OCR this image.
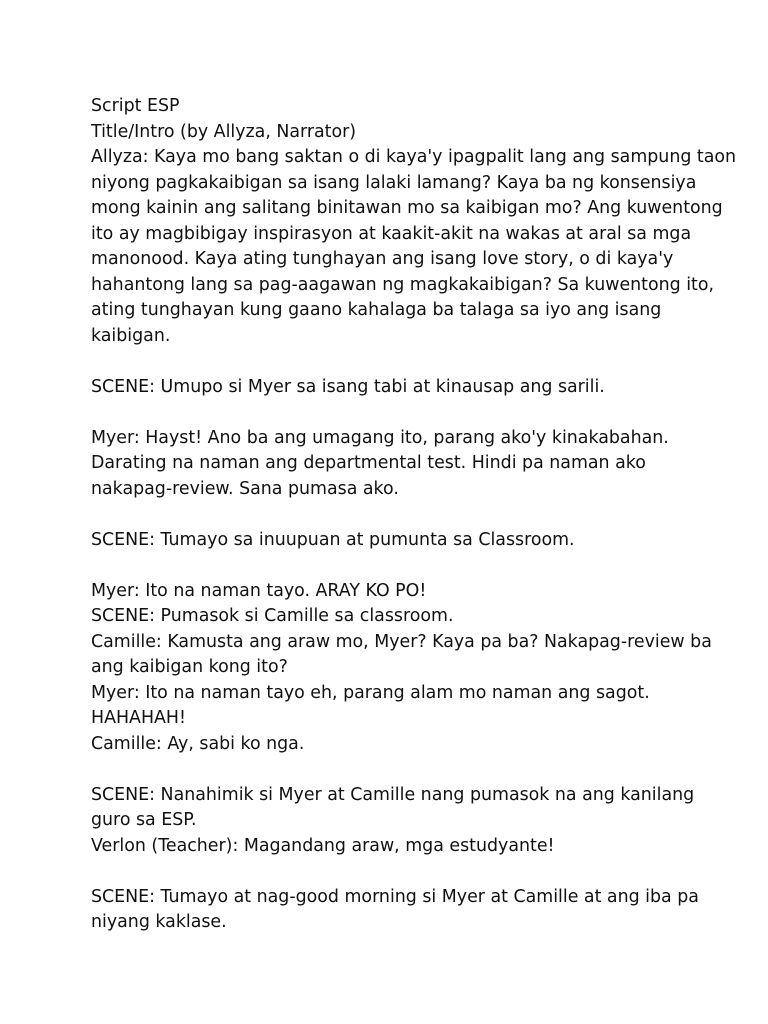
Script ESP
Title/Intro (by Allyza, Narrator)
Allyza: Kaya mo bang saktan o di kaya'y ipagpalit lang ang sampung taon
niyong pagkakaibigan sa isang lalaki lamang? Kaya ba ng konsensiya
mong kainin ang salitang binitawan mo sa kaibigan mo? Ang kuwentong
ito ay magbibigay inspirasyon at kaakit-akit na wakas at aral sa mga
manonood. Kaya ating tunghayan ang isang love story, o di kaya'y
hahantong lang sa pag-aagawan ng magkakaibigan? Sa kuwentong ito,
ating tunghayan kung gaano kahalaga ba talaga sa iyo ang isang
kaibigan.
SCENE: Umupo si Myer sa isang tabi at kinausap ang sarili.
Myer: Hayst! Ano ba ang umagang ito, parang ako'y kinakabahan.
Darating na naman ang departmental test. Hindi pa naman ako
nakapag-review. Sana pumasa ako.
SCENE: Tumayo sa inuupuan at pumunta sa Classroom.
Myer: Ito na naman tayo. ARAY KO PO!
SCENE: Pumasok si Camille sa classroom.
Camille: Kamusta ang araw mo, Myer? Kaya pa ba? Nakapag-review ba
ang kaibigan kong ito?
Myer: Ito na naman tayo eh, parang alam mo naman ang sagot.
HAHAHAH!
Camille: Ay, sabi ko nga.
SCENE: Nanahimik si Myer at Camille nang pumasok na ang kanilang
guro sa ESP.
Verlon (Teacher): Magandang araw, mga estudyante!
SCENE: Tumayo at nag-good morning si Myer at Camille at ang iba pa
niyang kaklase.
